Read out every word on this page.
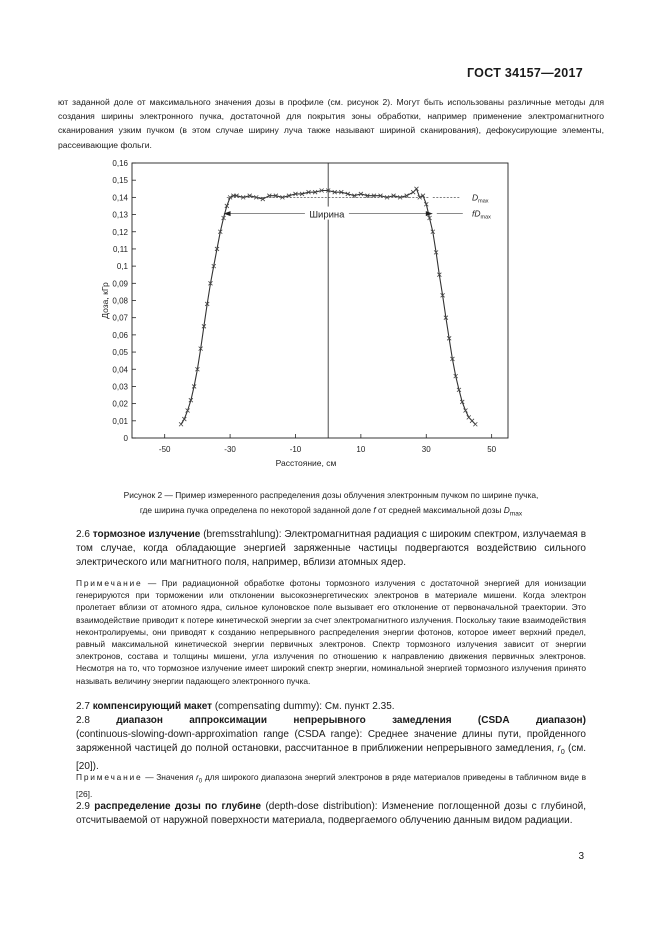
ГОСТ 34157—2017
ют заданной доле от максимального значения дозы в профиле (см. рисунок 2). Могут быть использованы различные методы для создания ширины электронного пучка, достаточной для покрытия зоны обработки, например применение электромагнитного сканирования узким пучком (в этом случае ширину луча также называют шириной сканирования), дефокусирующие элементы, рассеивающие фольги.
0
0,01
0,02
0,03
0,04
0,05
0,06
0,07
0,08
0,09
0,1
0,11
0,12
0,13
0,14
0,15
0,16
-50	-30	-10	10	30	50
Доза, кГр
Расстояние, см
Ширина
$D_{max}$
$fD_{max}$
Рисунок 2 — Пример измеренного распределения дозы облучения электронным пучком по ширине пучка,
где ширина пучка определена по некоторой заданной доле f от средней максимальной дозы $D_{max}$
2.6 тормозное излучение (bremsstrahlung): Электромагнитная радиация с широким спектром, излучаемая в том случае, когда обладающие энергией заряженные частицы подвергаются воздействию сильного электрического или магнитного поля, например, вблизи атомных ядер.
Примечание — При радиационной обработке фотоны тормозного излучения с достаточной энергией для ионизации генерируются при торможении или отклонении высокоэнергетических электронов в материале мишени. Когда электрон пролетает вблизи от атомного ядра, сильное кулоновское поле вызывает его отклонение от первоначальной траектории. Это взаимодействие приводит к потере кинетической энергии за счет электромагнитного излучения. Поскольку такие взаимодействия неконтролируемы, они приводят к созданию непрерывного распределения энергии фотонов, которое имеет верхний предел, равный максимальной кинетической энергии первичных электронов. Спектр тормозного излучения зависит от энергии электронов, состава и толщины мишени, угла излучения по отношению к направлению движения первичных электронов. Несмотря на то, что тормозное излучение имеет широкий спектр энергии, номинальной энергией тормозного излучения принято называть величину энергии падающего электронного пучка.
2.7 компенсирующий макет (compensating dummy): См. пункт 2.35.
2.8	диапазон	аппроксимации	непрерывного	замедления	(CSDA	диапазон)
(continuous-slowing-down-approximation range (CSDA range): Среднее значение длины пути, пройденного заряженной частицей до полной остановки, рассчитанное в приближении непрерывного замедления, $r_0$ (см. [20]).
Примечание — Значения $r_0$ для широкого диапазона энергий электронов в ряде материалов приведены в табличном виде в [26].
2.9 распределение дозы по глубине (depth-dose distribution): Изменение поглощенной дозы с глубиной, отсчитываемой от наружной поверхности материала, подвергаемого облучению данным видом радиации.
3
